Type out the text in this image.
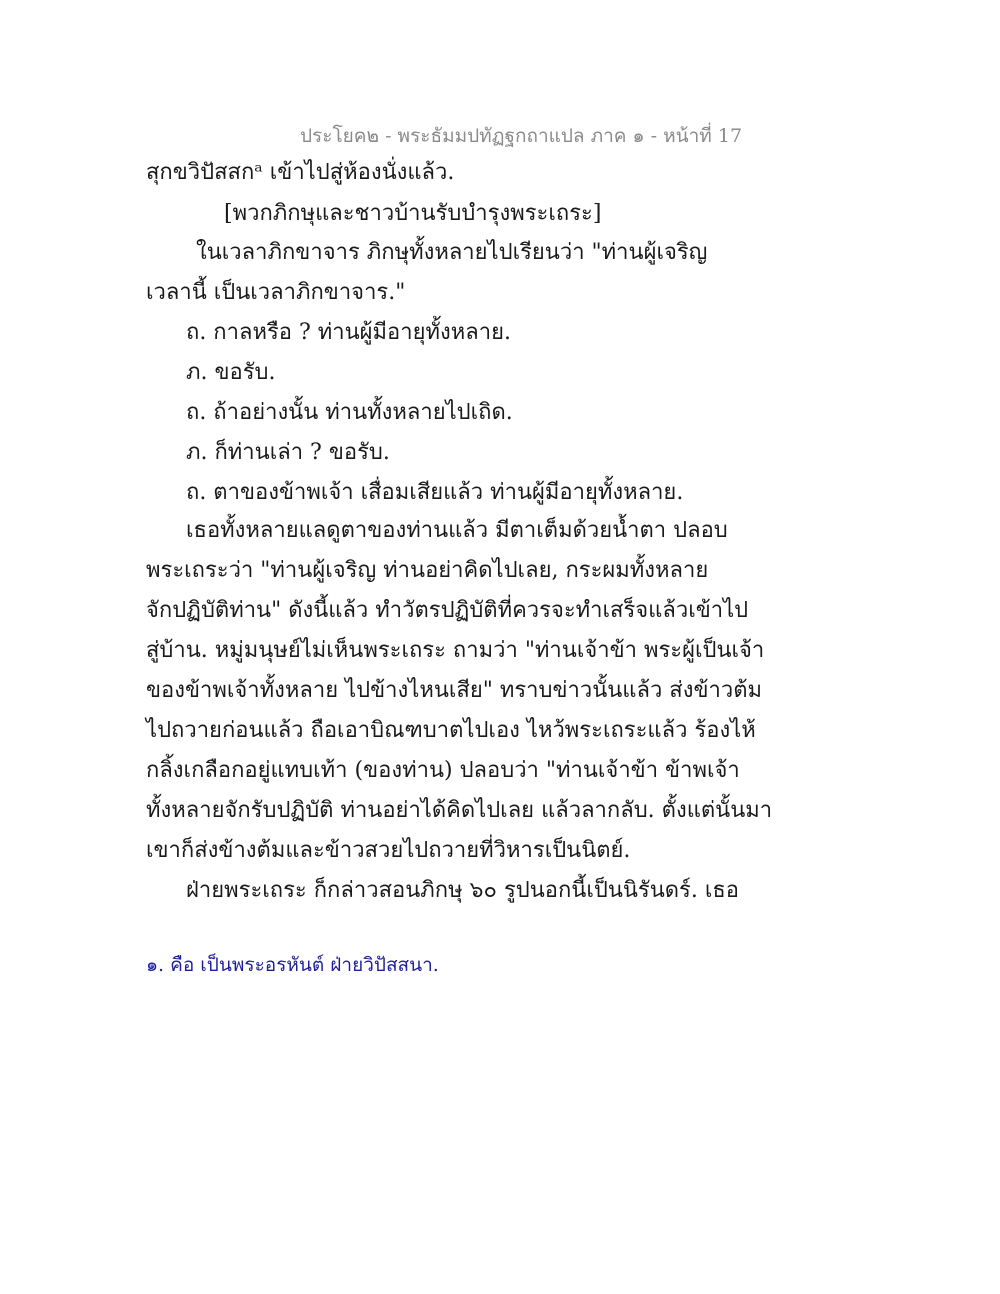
ประโยค๒ - พระธัมมปทัฏฐกถาแปล ภาค ๑ - หน้าที่ 17
สุกขวิปัสสกᵃ เข้าไปสู่ห้องนั่งแล้ว.
[พวกภิกษุและชาวบ้านรับบำรุงพระเถระ]
ในเวลาภิกขาจาร ภิกษุทั้งหลายไปเรียนว่า "ท่านผู้เจริญ
เวลานี้ เป็นเวลาภิกขาจาร."
ถ. กาลหรือ ? ท่านผู้มีอายุทั้งหลาย.
ภ. ขอรับ.
ถ. ถ้าอย่างนั้น ท่านทั้งหลายไปเถิด.
ภ. ก็ท่านเล่า ? ขอรับ.
ถ. ตาของข้าพเจ้า เสื่อมเสียแล้ว ท่านผู้มีอายุทั้งหลาย.
เธอทั้งหลายแลดูตาของท่านแล้ว มีตาเต็มด้วยน้ำตา ปลอบ
พระเถระว่า "ท่านผู้เจริญ ท่านอย่าคิดไปเลย, กระผมทั้งหลาย
จักปฏิบัติท่าน" ดังนี้แล้ว ทำวัตรปฏิบัติที่ควรจะทำเสร็จแล้วเข้าไป
สู่บ้าน. หมู่มนุษย์ไม่เห็นพระเถระ ถามว่า "ท่านเจ้าข้า พระผู้เป็นเจ้า
ของข้าพเจ้าทั้งหลาย ไปข้างไหนเสีย" ทราบข่าวนั้นแล้ว ส่งข้าวต้ม
ไปถวายก่อนแล้ว ถือเอาบิณฑบาตไปเอง ไหว้พระเถระแล้ว ร้องไห้
กลิ้งเกลือกอยู่แทบเท้า (ของท่าน) ปลอบว่า "ท่านเจ้าข้า ข้าพเจ้า
ทั้งหลายจักรับปฏิบัติ ท่านอย่าได้คิดไปเลย แล้วลากลับ. ตั้งแต่นั้นมา
เขาก็ส่งข้างต้มและข้าวสวยไปถวายที่วิหารเป็นนิตย์.
ฝ่ายพระเถระ ก็กล่าวสอนภิกษุ ๖๐ รูปนอกนี้เป็นนิรันดร์. เธอ
๑. คือ เป็นพระอรหันต์ ฝ่ายวิปัสสนา.
